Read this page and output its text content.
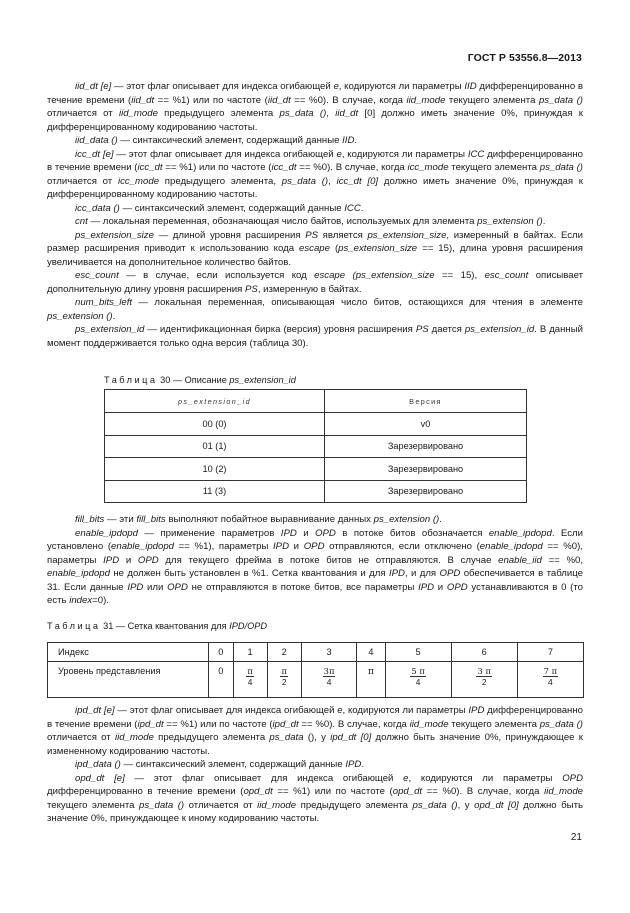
ГОСТ Р 53556.8—2013

iid_dt [e] — этот флаг описывает для индекса огибающей e, кодируются ли параметры IID дифференцированно в течение времени (iid_dt == %1) или по частоте (iid_dt == %0). В случае, когда iid_mode текущего элемента ps_data () отличается от iid_mode предыдущего элемента ps_data (), iid_dt [0] должно иметь значение 0%, принуждая к дифференцированному кодированию частоты.

iid_data () — синтаксический элемент, содержащий данные IID.

icc_dt [e] — этот флаг описывает для индекса огибающей e, кодируются ли параметры ICC дифференцированно в течение времени (icc_dt == %1) или по частоте (icc_dt == %0). В случае, когда icc_mode текущего элемента ps_data () отличается от icc_mode предыдущего элемента, ps_data (), icc_dt [0] должно иметь значение 0%, принуждая к дифференцированному кодированию частоты.

icc_data () — синтаксический элемент, содержащий данные ICC.

cnt — локальная переменная, обозначающая число байтов, используемых для элемента ps_extension ().

ps_extension_size — длиной уровня расширения PS является ps_extension_size, измеренный в байтах. Если размер расширения приводит к использованию кода escape (ps_extension_size == 15), длина уровня расширения увеличивается на дополнительное количество байтов.

esc_count — в случае, если используется код escape (ps_extension_size == 15), esc_count описывает дополнительную длину уровня расширения PS, измеренную в байтах.

num_bits_left — локальная переменная, описывающая число битов, остающихся для чтения в элементе ps_extension ().

ps_extension_id — идентификационная бирка (версия) уровня расширения PS дается ps_extension_id. В данный момент поддерживается только одна версия (таблица 30).

Таблица 30 — Описание ps_extension_id
ps_extension_id	Версия
00 (0)	v0
01 (1)	Зарезервировано
10 (2)	Зарезервировано
11 (3)	Зарезервировано

fill_bits — эти fill_bits выполняют побайтное выравнивание данных ps_extension ().

enable_ipdopd — применение параметров IPD и OPD в потоке битов обозначается enable_ipdopd. Если установлено (enable_ipdopd == %1), параметры IPD и OPD отправляются, если отключено (enable_ipdopd == %0), параметры IPD и OPD для текущего фрейма в потоке битов не отправляются. В случае enable_iid == %0, enable_ipdopd не должен быть установлен в %1. Сетка квантования и для IPD, и для OPD обеспечивается в таблице 31. Если данные IPD или OPD не отправляются в потоке битов, все параметры IPD и OPD устанавливаются в 0 (то есть index=0).

Таблица 31 — Сетка квантования для IPD/OPD
Индекс	0	1	2	3	4	5	6	7
Уровень представления	0	$\frac{\pi}{4}$	$\frac{\pi}{2}$	$\frac{3\pi}{4}$	π	$\frac{5 \pi}{4}$	$\frac{3 \pi}{2}$	$\frac{7 \pi}{4}$

ipd_dt [e] — этот флаг описывает для индекса огибающей e, кодируются ли параметры IPD дифференцированно в течение времени (ipd_dt == %1) или по частоте (ipd_dt == %0). В случае, когда iid_mode текущего элемента ps_data () отличается от iid_mode предыдущего элемента ps_data (), у ipd_dt [0] должно быть значение 0%, принуждающее к измененному кодированию частоты.

ipd_data () — синтаксический элемент, содержащий данные IPD.

opd_dt [e] — этот флаг описывает для индекса огибающей e, кодируются ли параметры OPD дифференцированно в течение времени (opd_dt == %1) или по частоте (opd_dt == %0). В случае, когда iid_mode текущего элемента ps_data () отличается от iid_mode предыдущего элемента ps_data (), у opd_dt [0] должно быть значение 0%, принуждающее к иному кодированию частоты.

21
